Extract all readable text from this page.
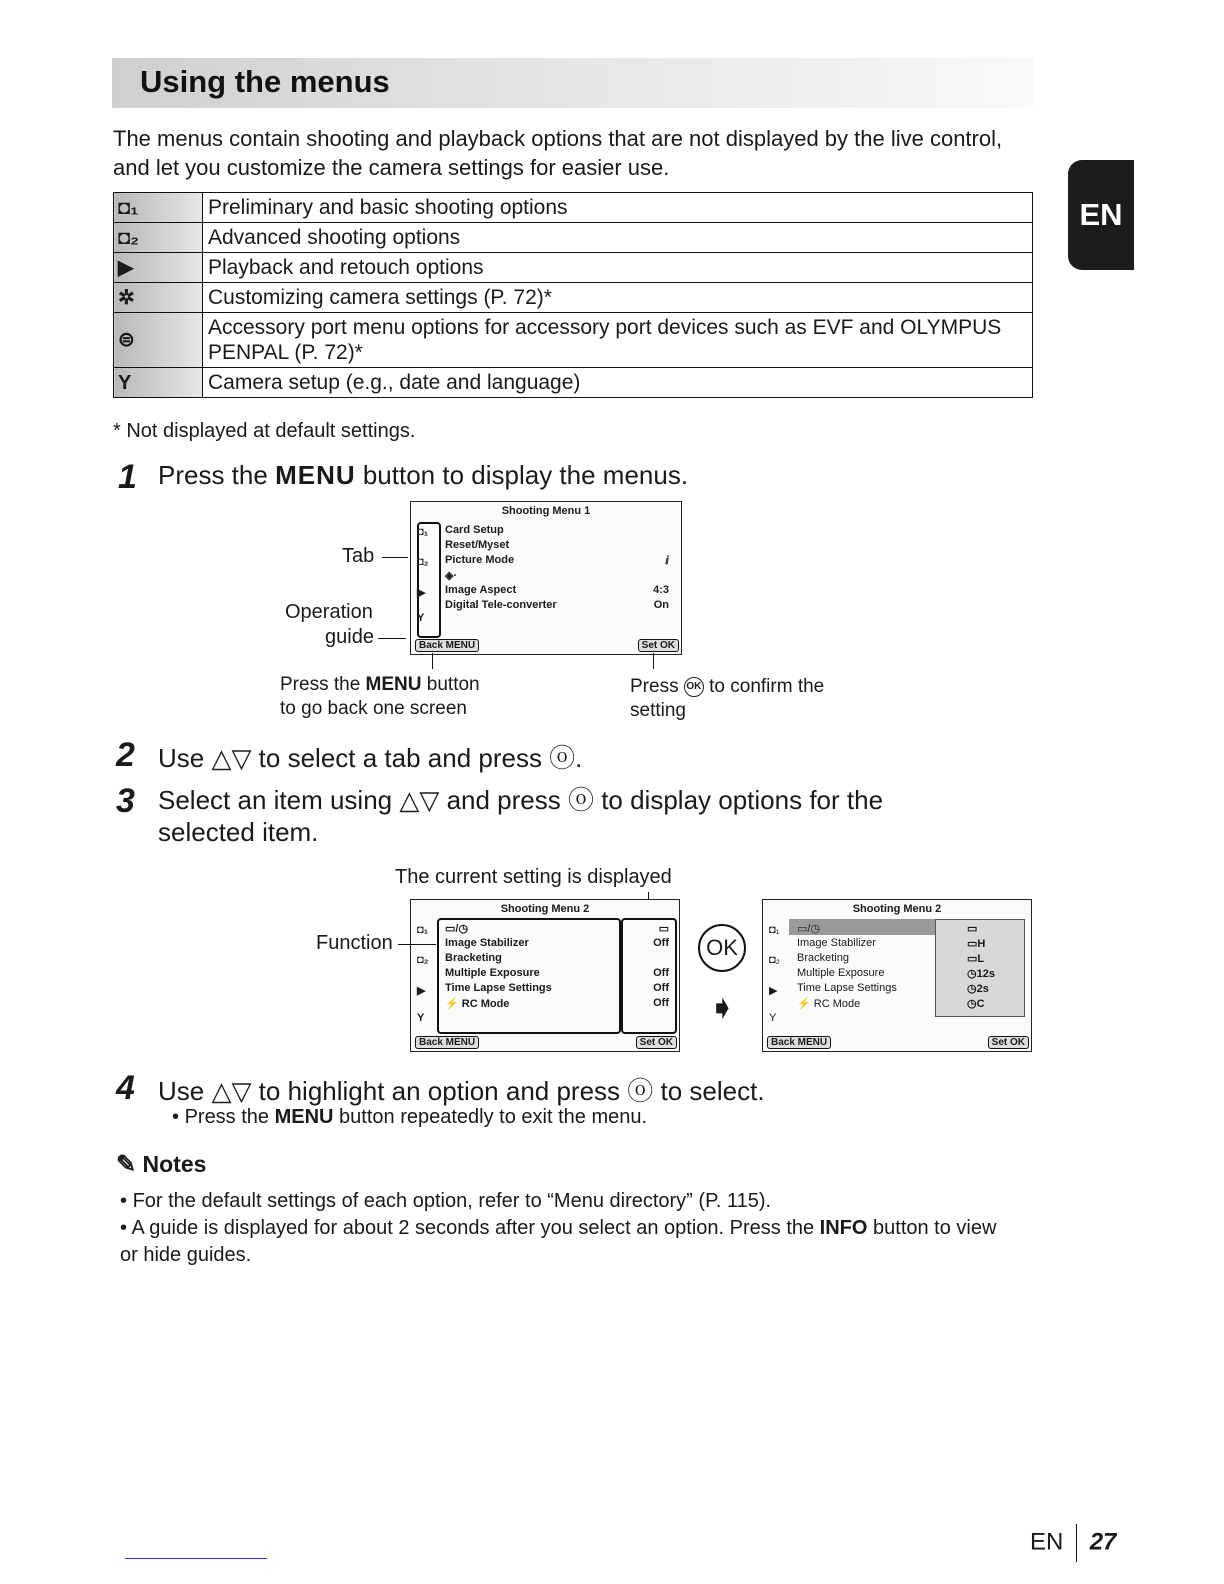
Using the menus
The menus contain shooting and playback options that are not displayed by the live control, and let you customize the camera settings for easier use.
EN
◘₁	Preliminary and basic shooting options
◘₂	Advanced shooting options
▶	Playback and retouch options
✲	Customizing camera settings (P. 72)*
⊜	Accessory port menu options for accessory port devices such as EVF and OLYMPUS PENPAL (P. 72)*
Y	Camera setup (e.g., date and language)
* Not displayed at default settings.
1 Press the MENU button to display the menus.
Shooting Menu 1
◘₁
◘₂
▶
Y
Back MENU	Set OK
Card Setup
Reset/Myset
Picture Mode	ⅈ
◈·
Image Aspect	4:3
Digital Tele-converter	On
Tab
Operation
guide
Press the MENU button
to go back one screen
Press OK to confirm the
setting
2 Use △▽ to select a tab and press ⓞ.
3 Select an item using △▽ and press ⓞ to display options for the selected item.
The current setting is displayed
Shooting Menu 2
◘₁
◘₂
▶
Y
Back MENU	Set OK
▭/◷	▭
Image Stabilizer	Off
Bracketing
Multiple Exposure	Off
Time Lapse Settings	Off
⚡ RC Mode	Off
Function	OK
➧
Shooting Menu 2
◘₁
◘₂
▶
Y
Back MENU	Set OK
▭/◷
Image Stabilizer
Bracketing
Multiple Exposure
Time Lapse Settings
⚡ RC Mode
▭
▭H
▭L
◷12s
◷2s
◷C
4 Use △▽ to highlight an option and press ⓞ to select.
• Press the MENU button repeatedly to exit the menu.
✎ Notes
• For the default settings of each option, refer to “Menu directory” (P. 115).
• A guide is displayed for about 2 seconds after you select an option. Press the INFO button to view or hide guides.
EN 27
